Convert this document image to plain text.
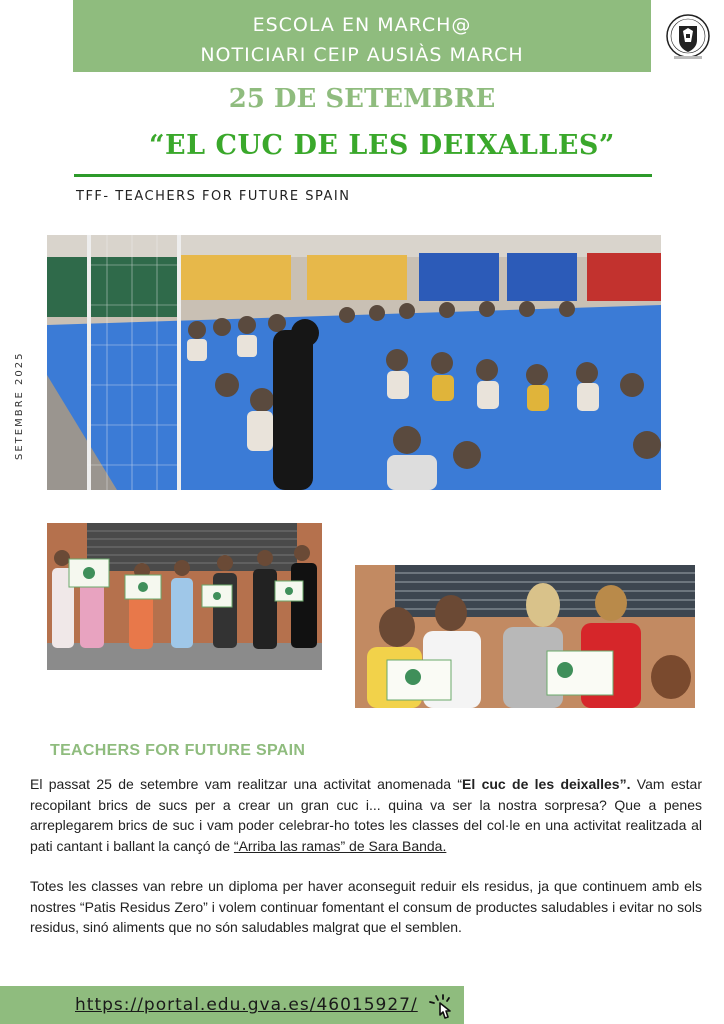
ESCOLA EN MARCH@
NOTICIARI CEIP AUSIÀS MARCH
25 DE SETEMBRE
“EL CUC DE LES DEIXALLES”
TFF- TEACHERS FOR FUTURE SPAIN
SETEMBRE 2025
TEACHERS FOR FUTURE SPAIN

El passat 25 de setembre vam realitzar una activitat anomenada “El cuc de les deixalles”. Vam estar recopilant brics de sucs per a crear un gran cuc i... quina va ser la nostra sorpresa? Que a penes arreplegarem brics de suc i vam poder celebrar-ho totes les classes del col·le en una activitat realitzada al pati cantant i ballant la cançó de “Arriba las ramas” de Sara Banda.

Totes les classes van rebre un diploma per haver aconseguit reduir els residus, ja que continuem amb els nostres “Patis Residus Zero” i volem continuar fomentant el consum de productes saludables i evitar no sols residus, sinó aliments que no són saludables malgrat que el semblen.

https://portal.edu.gva.es/46015927/
